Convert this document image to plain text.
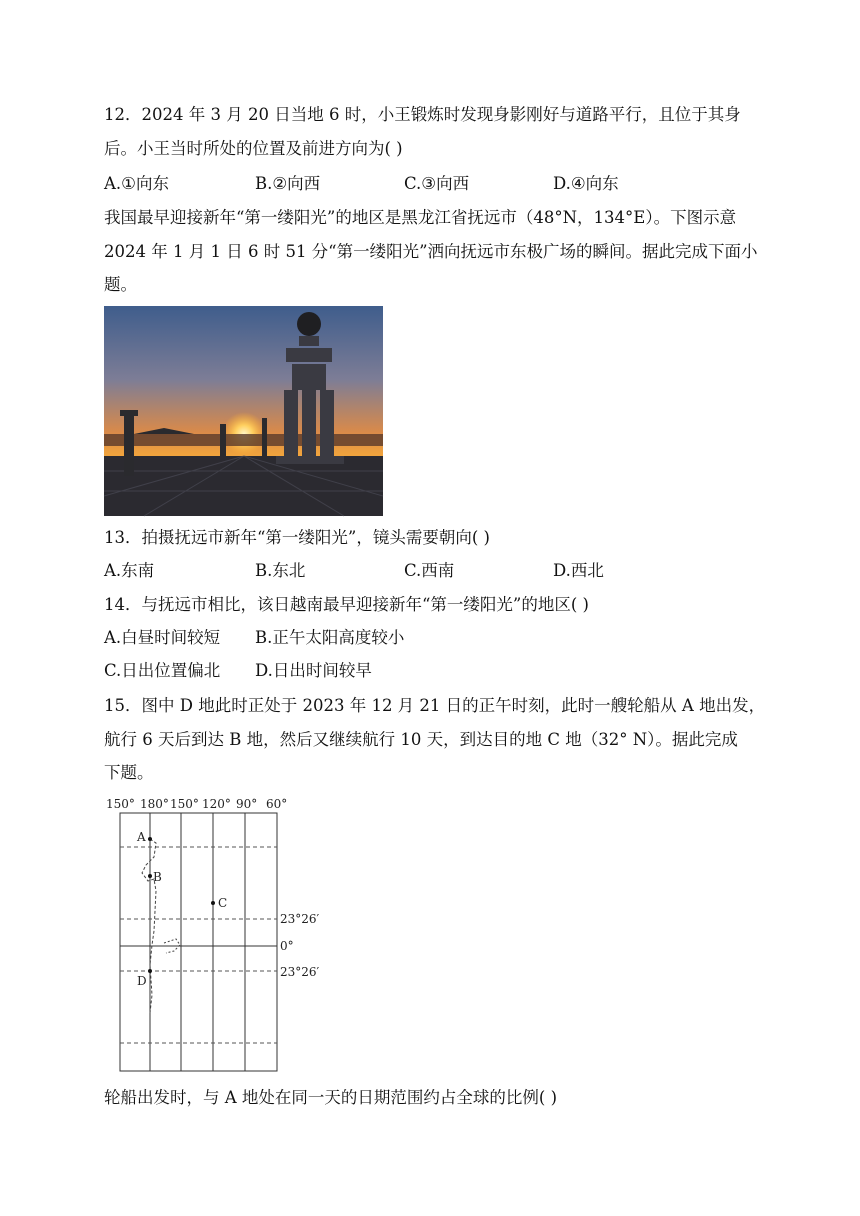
12．2024 年 3 月 20 日当地 6 时，小王锻炼时发现身影刚好与道路平行，且位于其身
后。小王当时所处的位置及前进方向为( )
A.①向东	B.②向西	C.③向西	D.④向东
我国最早迎接新年“第一缕阳光”的地区是黑龙江省抚远市（48°N，134°E）。下图示意
2024 年 1 月 1 日 6 时 51 分“第一缕阳光”洒向抚远市东极广场的瞬间。据此完成下面小
题。
13．拍摄抚远市新年“第一缕阳光”，镜头需要朝向( )
A.东南	B.东北	C.西南	D.西北
14．与抚远市相比，该日越南最早迎接新年“第一缕阳光”的地区( )
A.白昼时间较短 B.正午太阳高度较小
C.日出位置偏北 D.日出时间较早
15．图中 D 地此时正处于 2023 年 12 月 21 日的正午时刻，此时一艘轮船从 A 地出发，
航行 6 天后到达 B 地，然后又继续航行 10 天，到达目的地 C 地（32° N）。据此完成
下题。
150° 180° 150° 120° 90° 60°
23°26′
0°
23°26′
A
B
C
D
轮船出发时，与 A 地处在同一天的日期范围约占全球的比例( )
